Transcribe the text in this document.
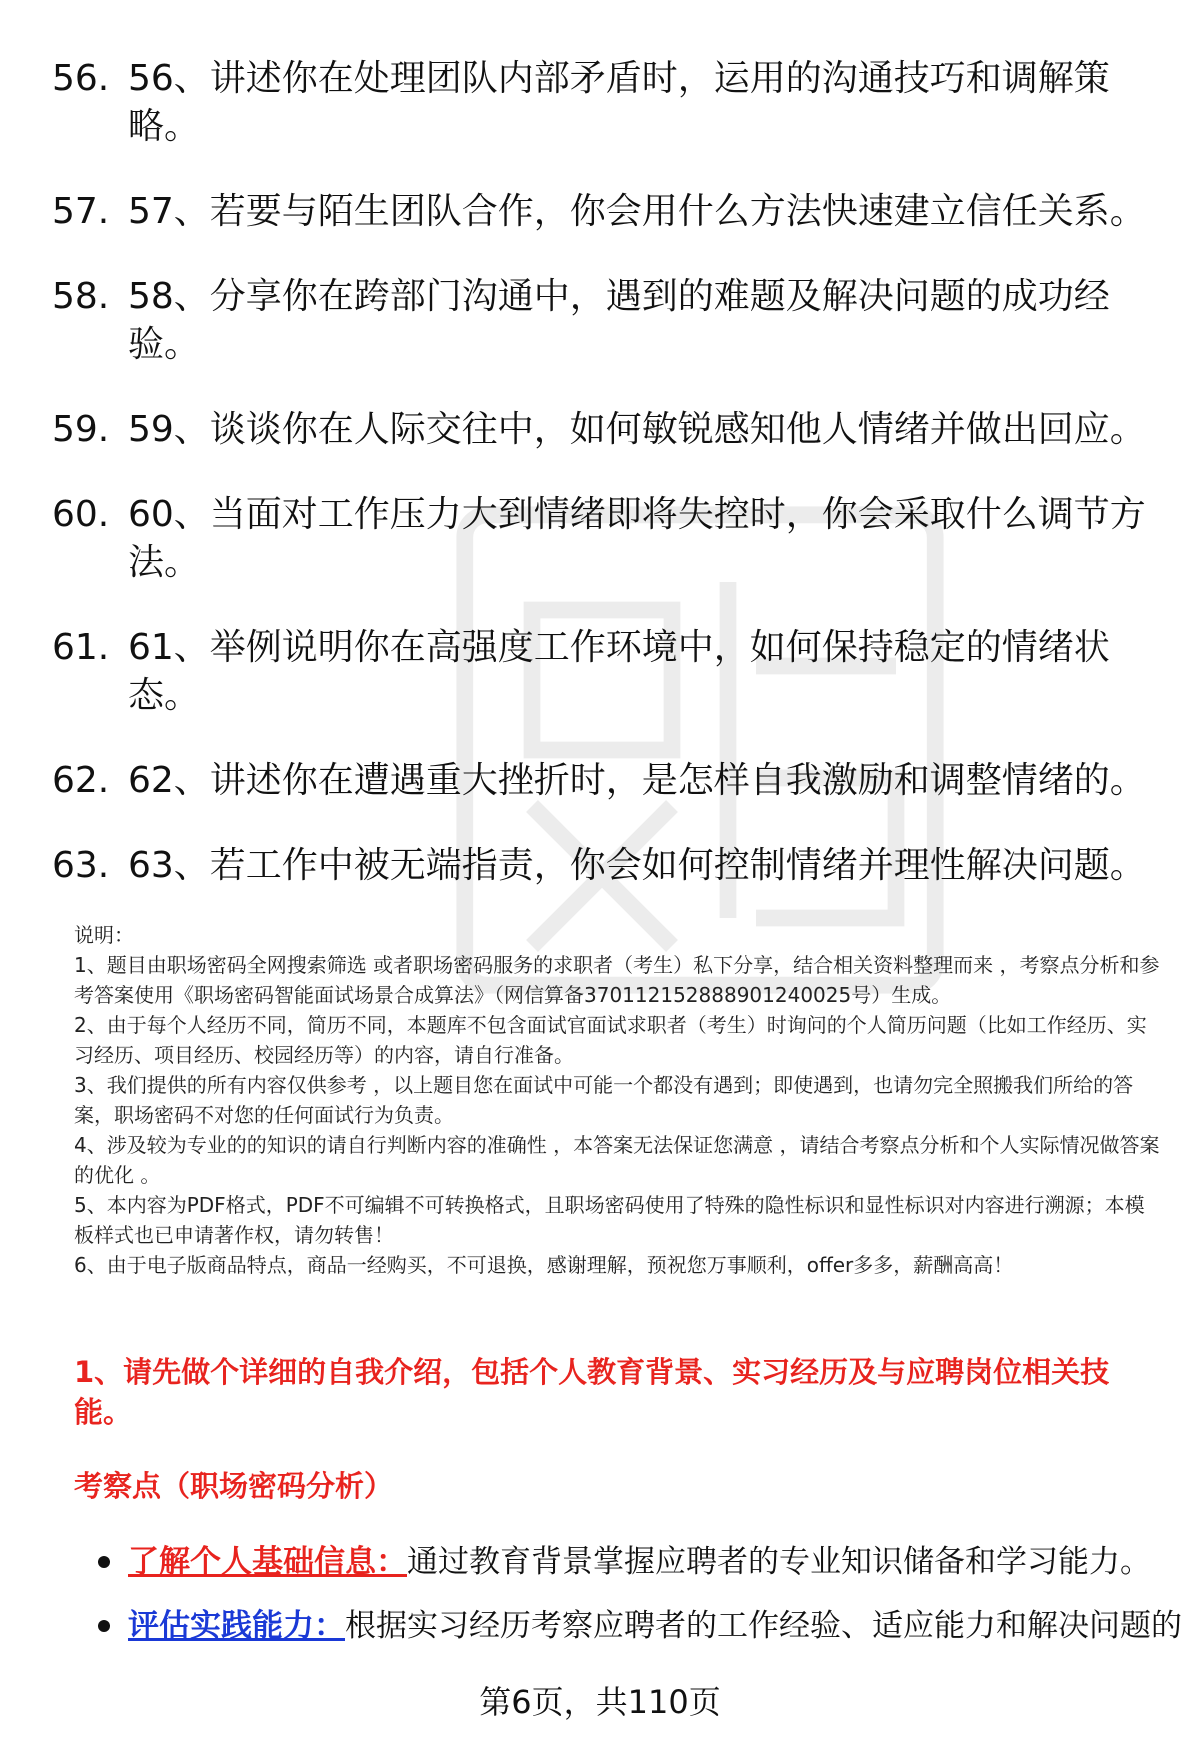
56. 56、讲述你在处理团队内部矛盾时，运用的沟通技巧和调解策略。
57. 57、若要与陌生团队合作，你会用什么方法快速建立信任关系。
58. 58、分享你在跨部门沟通中，遇到的难题及解决问题的成功经验。
59. 59、谈谈你在人际交往中，如何敏锐感知他人情绪并做出回应。
60. 60、当面对工作压力大到情绪即将失控时，你会采取什么调节方法。
61. 61、举例说明你在高强度工作环境中，如何保持稳定的情绪状态。
62. 62、讲述你在遭遇重大挫折时，是怎样自我激励和调整情绪的。
63. 63、若工作中被无端指责，你会如何控制情绪并理性解决问题。

说明：

1、题目由职场密码全网搜索筛选 或者职场密码服务的求职者（考生）私下分享，结合相关资料整理而来 ，考察点分析和参考答案使用《职场密码智能面试场景合成算法》（网信算备370112152888901240025号）生成。

2、由于每个人经历不同，简历不同，本题库不包含面试官面试求职者（考生）时询问的个人简历问题（比如工作经历、实习经历、项目经历、校园经历等）的内容，请自行准备。

3、我们提供的所有内容仅供参考 ，以上题目您在面试中可能一个都没有遇到；即使遇到，也请勿完全照搬我们所给的答案，职场密码不对您的任何面试行为负责。

4、涉及较为专业的的知识的请自行判断内容的准确性 ，本答案无法保证您满意 ，请结合考察点分析和个人实际情况做答案的优化 。

5、本内容为PDF格式，PDF不可编辑不可转换格式，且职场密码使用了特殊的隐性标识和显性标识对内容进行溯源；本模板样式也已申请著作权，请勿转售！

6、由于电子版商品特点，商品一经购买，不可退换，感谢理解，预祝您万事顺利，offer多多，薪酬高高！

1、请先做个详细的自我介绍，包括个人教育背景、实习经历及与应聘岗位相关技能。
考察点（职场密码分析）
了解个人基础信息：通过教育背景掌握应聘者的专业知识储备和学习能力。
评估实践能力：根据实习经历考察应聘者的工作经验、适应能力和解决问题的
第6页，共110页
